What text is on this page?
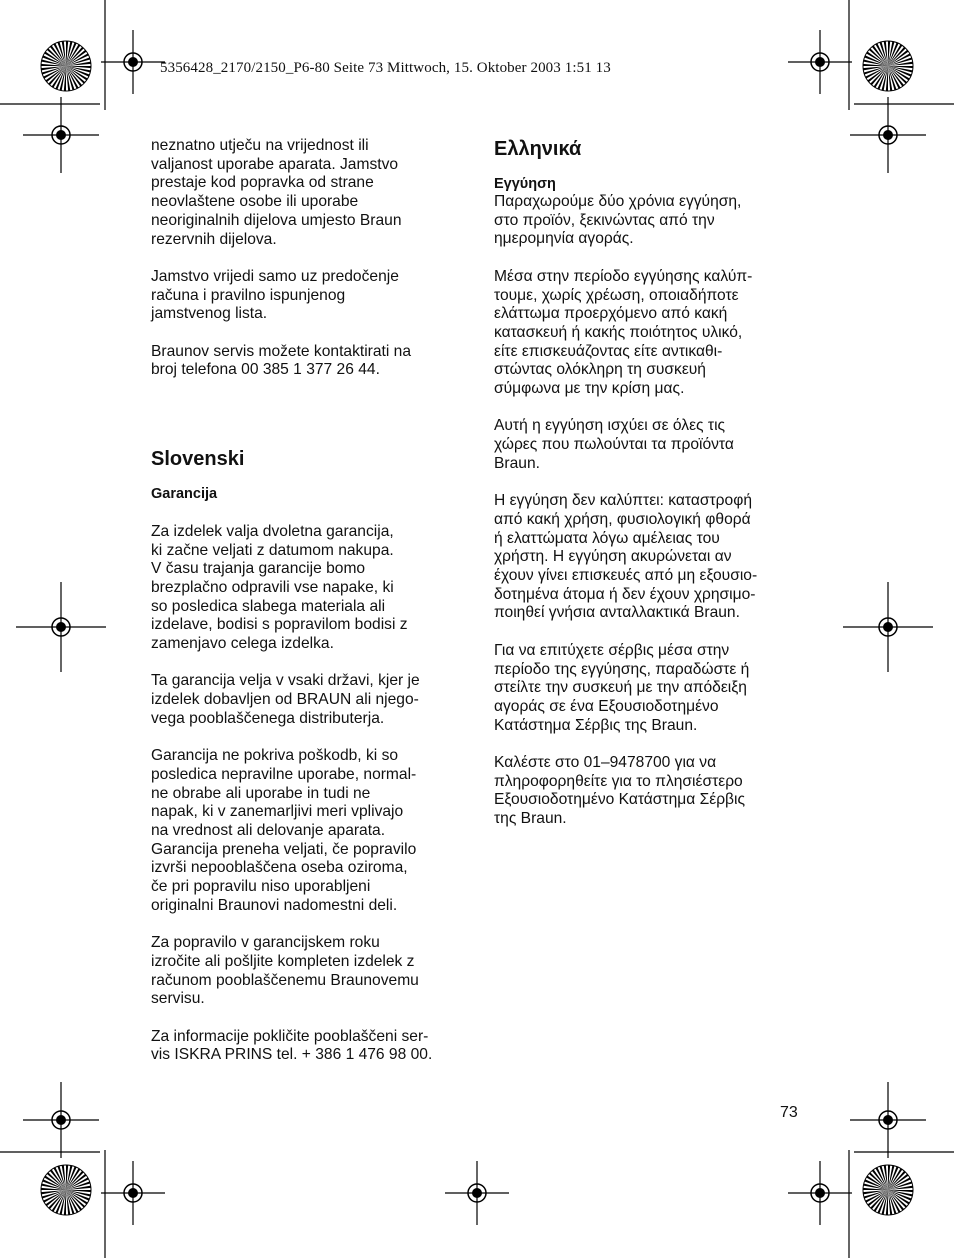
5356428_2170/2150_P6-80 Seite 73 Mittwoch, 15. Oktober 2003 1:51 13

neznatno utječu na vrijednost ili
valjanost uporabe aparata. Jamstvo
prestaje kod popravka od strane
neovlaštene osobe ili uporabe
neoriginalnih dijelova umjesto Braun
rezervnih dijelova.

Jamstvo vrijedi samo uz predočenje
računa i pravilno ispunjenog
jamstvenog lista.

Braunov servis možete kontaktirati na
broj telefona 00 385 1 377 26 44.

Slovenski
Garancija

Za izdelek valja dvoletna garancija,
ki začne veljati z datumom nakupa.
V času trajanja garancije bomo
brezplačno odpravili vse napake, ki
so posledica slabega materiala ali
izdelave, bodisi s popravilom bodisi z
zamenjavo celega izdelka.

Ta garancija velja v vsaki državi, kjer je
izdelek dobavljen od BRAUN ali njego-
vega pooblaščenega distributerja.

Garancija ne pokriva poškodb, ki so
posledica nepravilne uporabe, normal-
ne obrabe ali uporabe in tudi ne
napak, ki v zanemarljivi meri vplivajo
na vrednost ali delovanje aparata.
Garancija preneha veljati, če popravilo
izvrši nepooblaščena oseba oziroma,
če pri popravilu niso uporabljeni
originalni Braunovi nadomestni deli.

Za popravilo v garancijskem roku
izročite ali pošljite kompleten izdelek z
računom pooblaščenemu Braunovemu
servisu.

Za informacije pokličite pooblaščeni ser-
vis ISKRA PRINS tel. + 386 1 476 98 00.

Ελληνικά
Εγγύηση

Παραχωρούμε δύο χρόνια εγγύηση,
στο προϊόν, ξεκινώντας από την
ημερομηνία αγοράς.

Μέσα στην περίοδο εγγύησης καλύπ-
τουμε, χωρίς χρέωση, οποιαδήποτε
ελάττωμα προερχόμενο από κακή
κατασκευή ή κακής ποιότητος υλικό,
είτε επισκευάζοντας είτε αντικαθι-
στώντας ολόκληρη τη συσκευή
σύμφωνα με την κρίση μας.

Αυτή η εγγύηση ισχύει σε όλες τις
χώρες που πωλούνται τα προϊόντα
Braun.

Η εγγύηση δεν καλύπτει: καταστροφή
από κακή χρήση, φυσιολογική φθορά
ή ελαττώματα λόγω αμέλειας του
χρήστη. Η εγγύηση ακυρώνεται αν
έχουν γίνει επισκευές από μη εξουσιο-
δοτημένα άτομα ή δεν έχουν χρησιμο-
ποιηθεί γνήσια ανταλλακτικά Braun.

Για να επιτύχετε σέρβις μέσα στην
περίοδο της εγγύησης, παραδώστε ή
στείλτε την συσκευή με την απόδειξη
αγοράς σε ένα Εξουσιοδοτημένο
Κατάστημα Σέρβις της Braun.

Καλέστε στο 01–9478700 για να
πληροφορηθείτε για το πλησιέστερο
Εξουσιοδοτημένο Κατάστημα Σέρβις
της Braun.

73
